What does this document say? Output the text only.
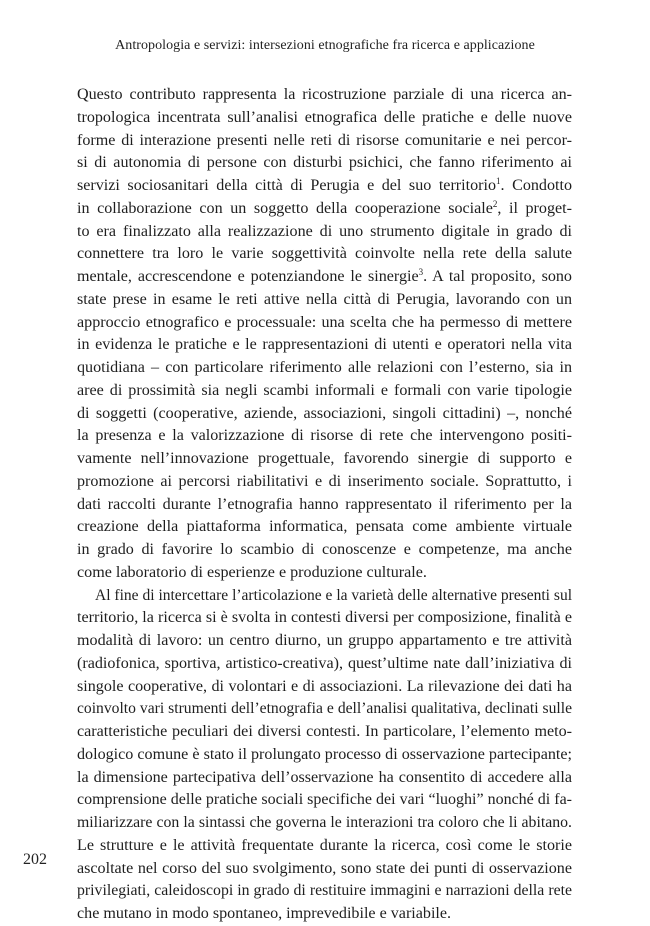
Antropologia e servizi: intersezioni etnografiche fra ricerca e applicazione
Questo contributo rappresenta la ricostruzione parziale di una ricerca an-
tropologica incentrata sull’analisi etnografica delle pratiche e delle nuove
forme di interazione presenti nelle reti di risorse comunitarie e nei percor-
si di autonomia di persone con disturbi psichici, che fanno riferimento ai
servizi sociosanitari della città di Perugia e del suo territorio$^1$. Condotto
in collaborazione con un soggetto della cooperazione sociale$^2$, il proget-
to era finalizzato alla realizzazione di uno strumento digitale in grado di
connettere tra loro le varie soggettività coinvolte nella rete della salute
mentale, accrescendone e potenziandone le sinergie$^3$. A tal proposito, sono
state prese in esame le reti attive nella città di Perugia, lavorando con un
approccio etnografico e processuale: una scelta che ha permesso di mettere
in evidenza le pratiche e le rappresentazioni di utenti e operatori nella vita
quotidiana – con particolare riferimento alle relazioni con l’esterno, sia in
aree di prossimità sia negli scambi informali e formali con varie tipologie
di soggetti (cooperative, aziende, associazioni, singoli cittadini) –, nonché
la presenza e la valorizzazione di risorse di rete che intervengono positi-
vamente nell’innovazione progettuale, favorendo sinergie di supporto e
promozione ai percorsi riabilitativi e di inserimento sociale. Soprattutto, i
dati raccolti durante l’etnografia hanno rappresentato il riferimento per la
creazione della piattaforma informatica, pensata come ambiente virtuale
in grado di favorire lo scambio di conoscenze e competenze, ma anche
come laboratorio di esperienze e produzione culturale.
Al fine di intercettare l’articolazione e la varietà delle alternative presenti sul
territorio, la ricerca si è svolta in contesti diversi per composizione, finalità e
modalità di lavoro: un centro diurno, un gruppo appartamento e tre attività
(radiofonica, sportiva, artistico-creativa), quest’ultime nate dall’iniziativa di
singole cooperative, di volontari e di associazioni. La rilevazione dei dati ha
coinvolto vari strumenti dell’etnografia e dell’analisi qualitativa, declinati sulle
caratteristiche peculiari dei diversi contesti. In particolare, l’elemento meto-
dologico comune è stato il prolungato processo di osservazione partecipante;
la dimensione partecipativa dell’osservazione ha consentito di accedere alla
comprensione delle pratiche sociali specifiche dei vari “luoghi” nonché di fa-
miliarizzare con la sintassi che governa le interazioni tra coloro che li abitano.
Le strutture e le attività frequentate durante la ricerca, così come le storie
ascoltate nel corso del suo svolgimento, sono state dei punti di osservazione
privilegiati, caleidoscopi in grado di restituire immagini e narrazioni della rete
che mutano in modo spontaneo, imprevedibile e variabile.
202
